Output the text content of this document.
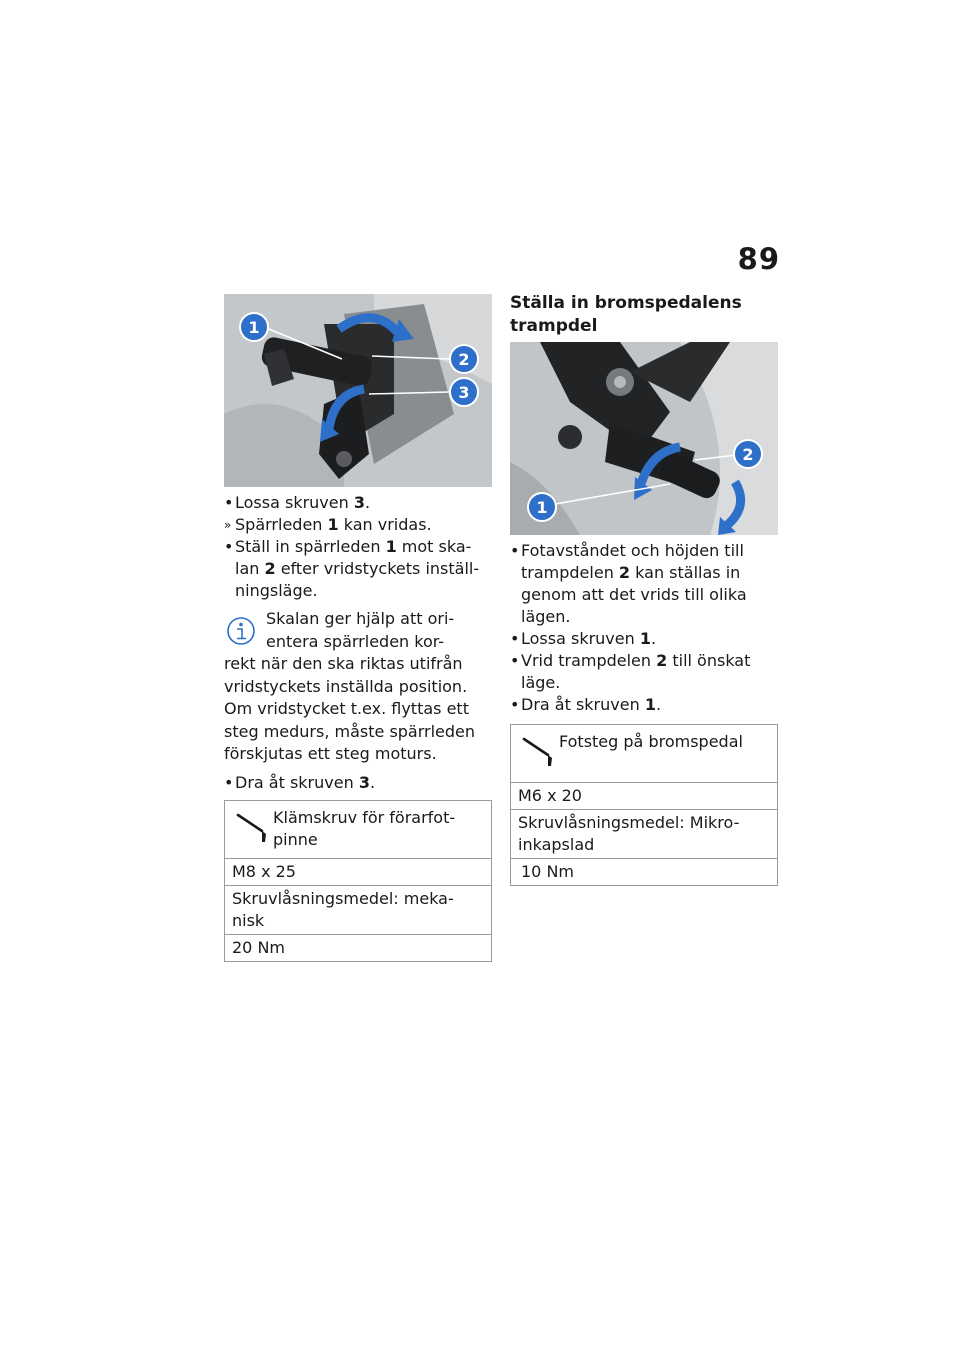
89
1
2
3
• Lossa skruven 3.
» Spärrleden 1 kan vridas.
• Ställ in spärrleden 1 mot ska-
lan 2 efter vridstyckets inställ-
ningsläge.
Skalan ger hjälp att ori-
entera spärrleden kor-
rekt när den ska riktas utifrån
vridstyckets inställda position.
Om vridstycket t.ex. flyttas ett
steg medurs, måste spärrleden
förskjutas ett steg moturs.
• Dra åt skruven 3.
Klämskruv för förarfot-
pinne
M8 x 25
Skruvlåsningsmedel: meka-
nisk
20 Nm
Ställa in bromspedalens
trampdel
1
2
• Fotavståndet och höjden till
trampdelen 2 kan ställas in
genom att det vrids till olika
lägen.
• Lossa skruven 1.
• Vrid trampdelen 2 till önskat
läge.
• Dra åt skruven 1.
Fotsteg på bromspedal
M6 x 20
Skruvlåsningsmedel: Mikro-
inkapslad
10 Nm
